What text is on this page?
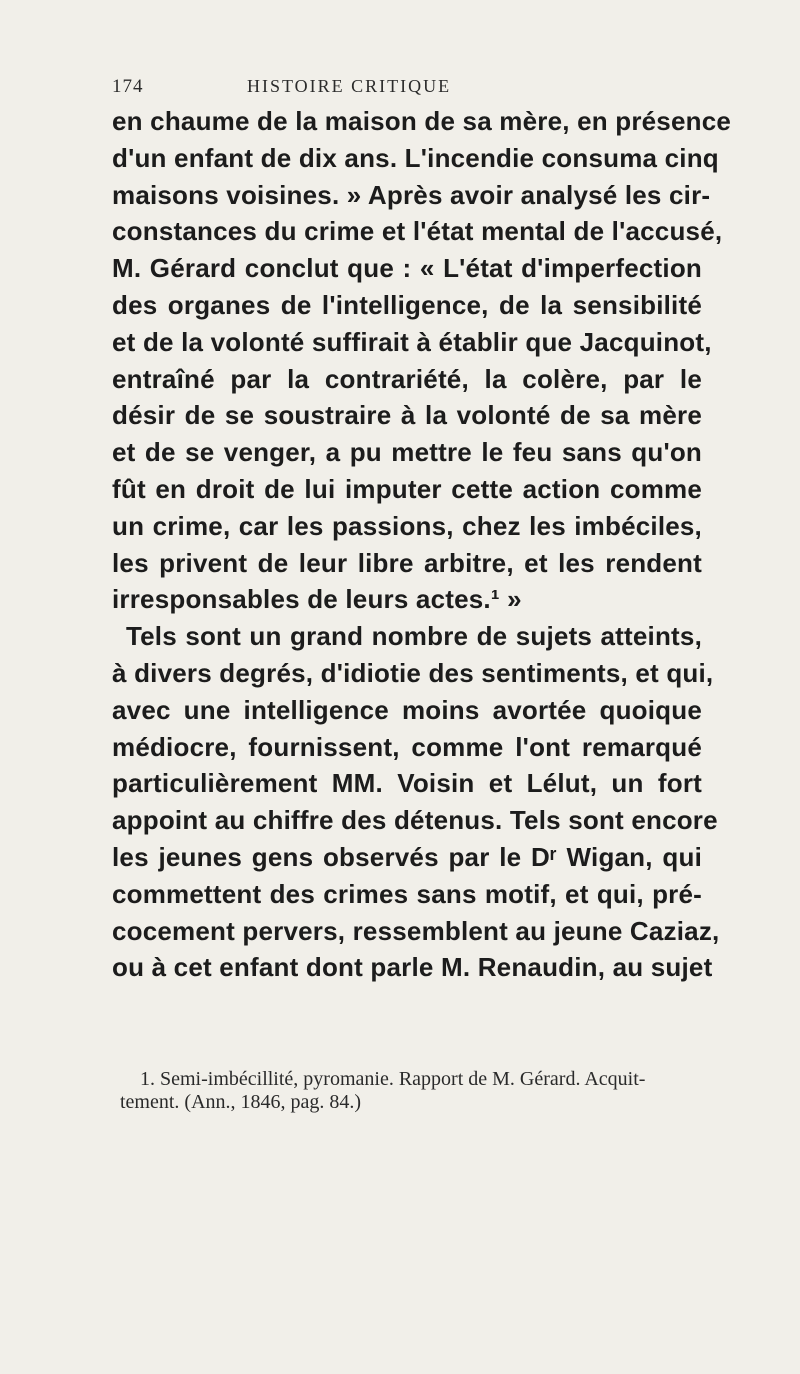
174	HISTOIRE CRITIQUE
en chaume de la maison de sa mère, en présence
d'un enfant de dix ans. L'incendie consuma cinq
maisons voisines. » Après avoir analysé les cir-
constances du crime et l'état mental de l'accusé,
M. Gérard conclut que : « L'état d'imperfection
des organes de l'intelligence, de la sensibilité
et de la volonté suffirait à établir que Jacquinot,
entraîné par la contrariété, la colère, par le
désir de se soustraire à la volonté de sa mère
et de se venger, a pu mettre le feu sans qu'on
fût en droit de lui imputer cette action comme
un crime, car les passions, chez les imbéciles,
les privent de leur libre arbitre, et les rendent
irresponsables de leurs actes.¹ »
Tels sont un grand nombre de sujets atteints,
à divers degrés, d'idiotie des sentiments, et qui,
avec une intelligence moins avortée quoique
médiocre, fournissent, comme l'ont remarqué
particulièrement MM. Voisin et Lélut, un fort
appoint au chiffre des détenus. Tels sont encore
les jeunes gens observés par le Dʳ Wigan, qui
commettent des crimes sans motif, et qui, pré-
cocement pervers, ressemblent au jeune Caziaz,
ou à cet enfant dont parle M. Renaudin, au sujet
1. Semi-imbécillité, pyromanie. Rapport de M. Gérard. Acquit-
tement. (Ann., 1846, pag. 84.)
